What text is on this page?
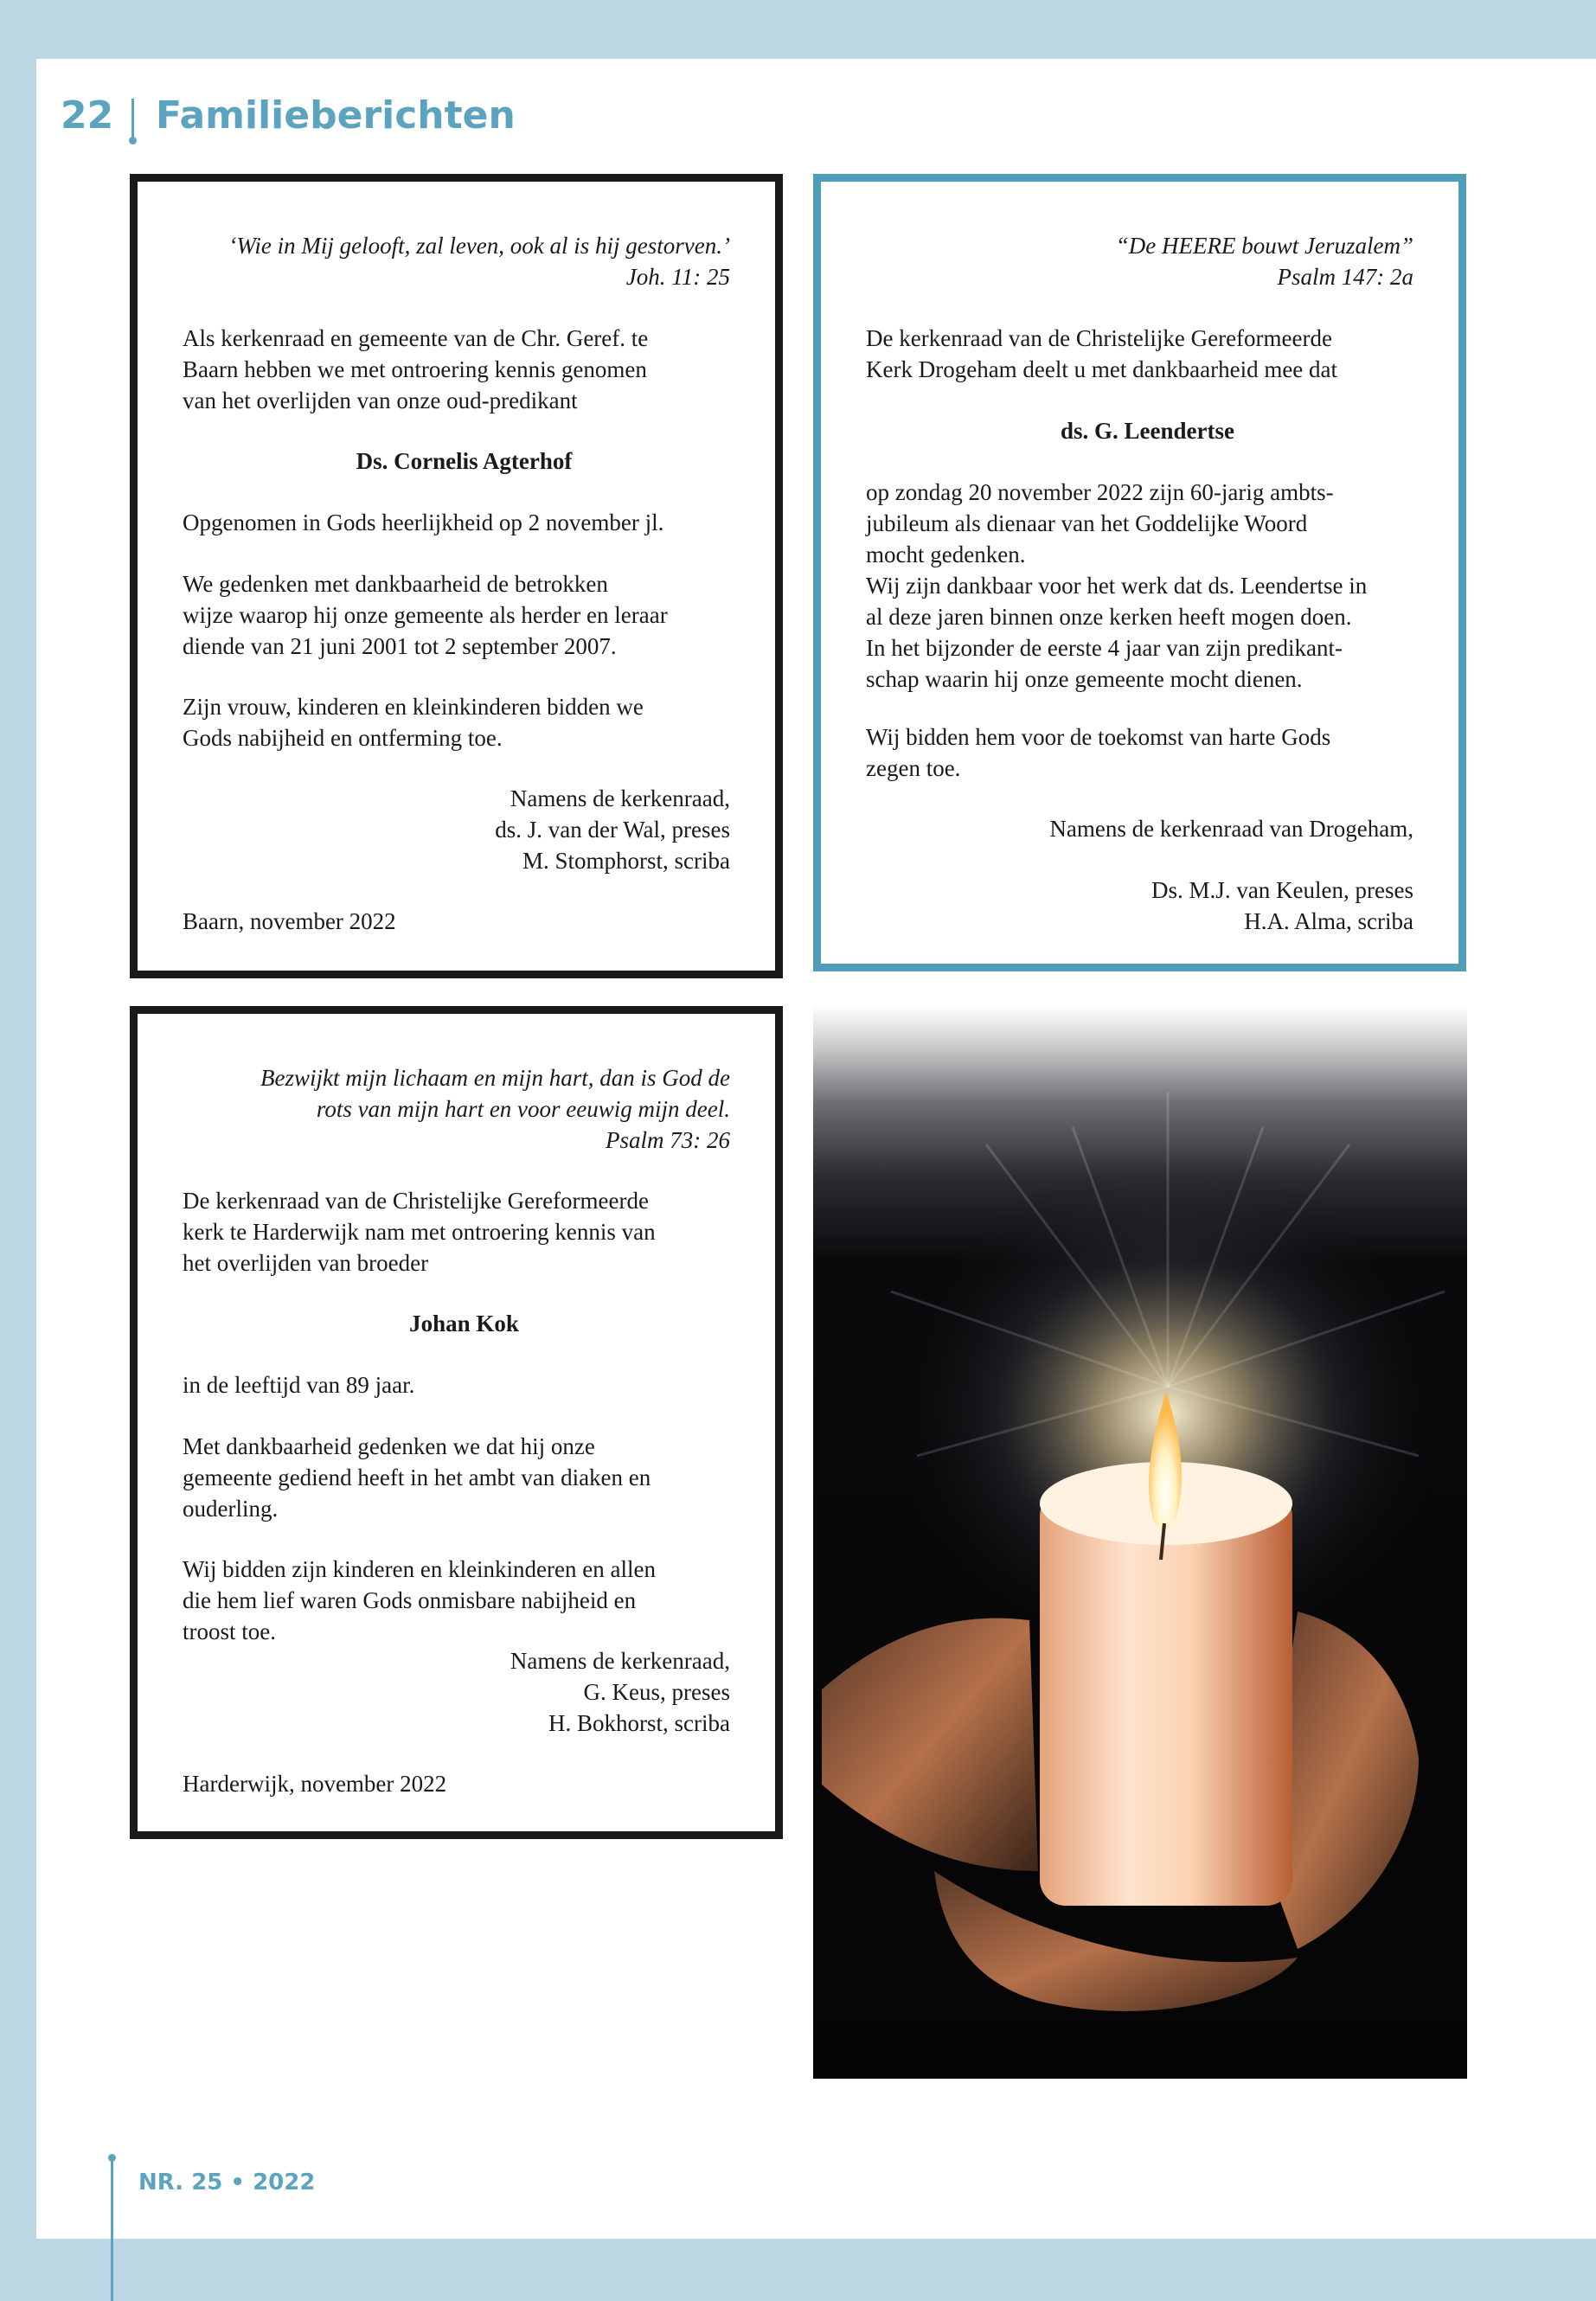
22 Familieberichten

‘Wie in Mij gelooft, zal leven, ook al is hij gestorven.’

Joh. 11: 25

Als kerkenraad en gemeente van de Chr. Geref. te

Baarn hebben we met ontroering kennis genomen

van het overlijden van onze oud-predikant

Ds. Cornelis Agterhof

Opgenomen in Gods heerlijkheid op 2 november jl.

We gedenken met dankbaarheid de betrokken

wijze waarop hij onze gemeente als herder en leraar

diende van 21 juni 2001 tot 2 september 2007.

Zijn vrouw, kinderen en kleinkinderen bidden we

Gods nabijheid en ontferming toe.

Namens de kerkenraad,

ds. J. van der Wal, preses

M. Stomphorst, scriba

Baarn, november 2022

“De HEERE bouwt Jeruzalem”

Psalm 147: 2a

De kerkenraad van de Christelijke Gereformeerde

Kerk Drogeham deelt u met dankbaarheid mee dat

ds. G. Leendertse

op zondag 20 november 2022 zijn 60-jarig ambts-

jubileum als dienaar van het Goddelijke Woord

mocht gedenken.

Wij zijn dankbaar voor het werk dat ds. Leendertse in

al deze jaren binnen onze kerken heeft mogen doen.

In het bijzonder de eerste 4 jaar van zijn predikant-

schap waarin hij onze gemeente mocht dienen.

Wij bidden hem voor de toekomst van harte Gods

zegen toe.

Namens de kerkenraad van Drogeham,

Ds. M.J. van Keulen, preses

H.A. Alma, scriba

Bezwijkt mijn lichaam en mijn hart, dan is God de

rots van mijn hart en voor eeuwig mijn deel.

Psalm 73: 26

De kerkenraad van de Christelijke Gereformeerde

kerk te Harderwijk nam met ontroering kennis van

het overlijden van broeder

Johan Kok

in de leeftijd van 89 jaar.

Met dankbaarheid gedenken we dat hij onze

gemeente gediend heeft in het ambt van diaken en

ouderling.

Wij bidden zijn kinderen en kleinkinderen en allen

die hem lief waren Gods onmisbare nabijheid en

troost toe.

Namens de kerkenraad,

G. Keus, preses

H. Bokhorst, scriba

Harderwijk, november 2022

NR. 25 • 2022
